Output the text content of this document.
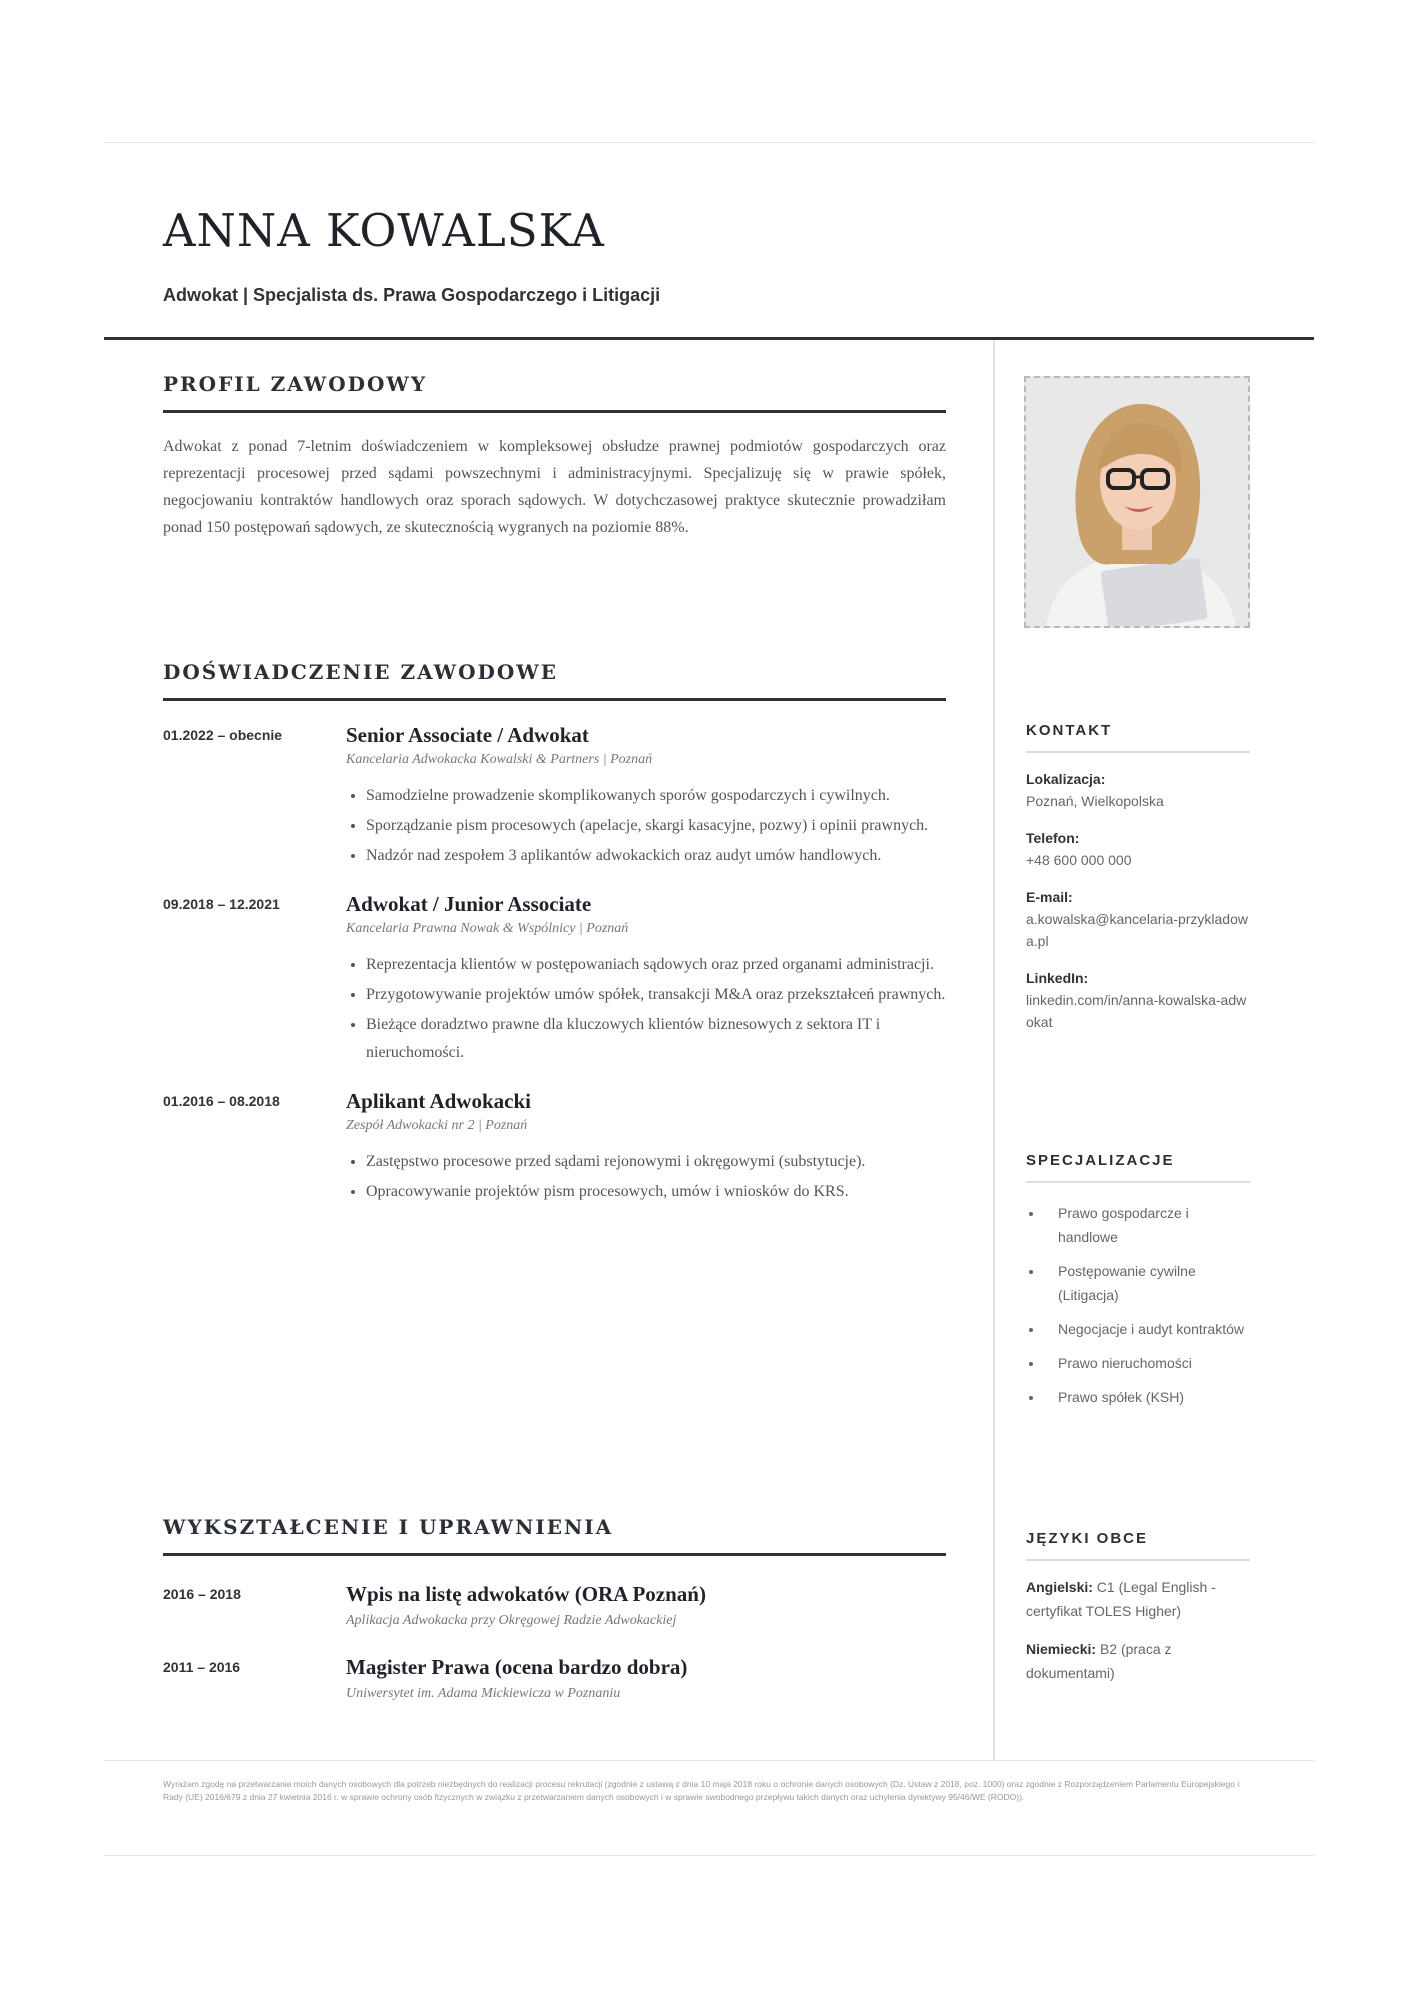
ANNA KOWALSKA
Adwokat | Specjalista ds. Prawa Gospodarczego i Litigacji
PROFIL ZAWODOWY
Adwokat z ponad 7-letnim doświadczeniem w kompleksowej obsłudze prawnej podmiotów gospodarczych oraz reprezentacji procesowej przed sądami powszechnymi i administracyjnymi. Specjalizuję się w prawie spółek, negocjowaniu kontraktów handlowych oraz sporach sądowych. W dotychczasowej praktyce skutecznie prowadziłam ponad 150 postępowań sądowych, ze skutecznością wygranych na poziomie 88%.
DOŚWIADCZENIE ZAWODOWE
01.2022 – obecnie	Senior Associate / Adwokat
Kancelaria Adwokacka Kowalski & Partners | Poznań
• Samodzielne prowadzenie skomplikowanych sporów gospodarczych i cywilnych.
• Sporządzanie pism procesowych (apelacje, skargi kasacyjne, pozwy) i opinii prawnych.
• Nadzór nad zespołem 3 aplikantów adwokackich oraz audyt umów handlowych.
09.2018 – 12.2021	Adwokat / Junior Associate
Kancelaria Prawna Nowak & Wspólnicy | Poznań
• Reprezentacja klientów w postępowaniach sądowych oraz przed organami administracji.
• Przygotowywanie projektów umów spółek, transakcji M&A oraz przekształceń prawnych.
• Bieżące doradztwo prawne dla kluczowych klientów biznesowych z sektora IT i nieruchomości.
01.2016 – 08.2018	Aplikant Adwokacki
Zespół Adwokacki nr 2 | Poznań
• Zastępstwo procesowe przed sądami rejonowymi i okręgowymi (substytucje).
• Opracowywanie projektów pism procesowych, umów i wniosków do KRS.
WYKSZTAŁCENIE I UPRAWNIENIA
2016 – 2018	Wpis na listę adwokatów (ORA Poznań)
Aplikacja Adwokacka przy Okręgowej Radzie Adwokackiej
2011 – 2016	Magister Prawa (ocena bardzo dobra)
Uniwersytet im. Adama Mickiewicza w Poznaniu
KONTAKT
Lokalizacja:
Poznań, Wielkopolska
Telefon:
+48 600 000 000
E-mail:
a.kowalska@kancelaria-przykladowa.pl
LinkedIn:
linkedin.com/in/anna-kowalska-adwokat
SPECJALIZACJE
• Prawo gospodarcze i handlowe
• Postępowanie cywilne (Litigacja)
• Negocjacje i audyt kontraktów
• Prawo nieruchomości
• Prawo spółek (KSH)
JĘZYKI OBCE
Angielski: C1 (Legal English - certyfikat TOLES Higher)
Niemiecki: B2 (praca z dokumentami)
Wyrażam zgodę na przetwarzanie moich danych osobowych dla potrzeb niezbędnych do realizacji procesu rekrutacji (zgodnie z ustawą z dnia 10 maja 2018 roku o ochronie danych osobowych (Dz. Ustaw z 2018, poz. 1000) oraz zgodnie z Rozporządzeniem Parlamentu Europejskiego i Rady (UE) 2016/679 z dnia 27 kwietnia 2016 r. w sprawie ochrony osób fizycznych w związku z przetwarzaniem danych osobowych i w sprawie swobodnego przepływu takich danych oraz uchylenia dyrektywy 95/46/WE (RODO)).
